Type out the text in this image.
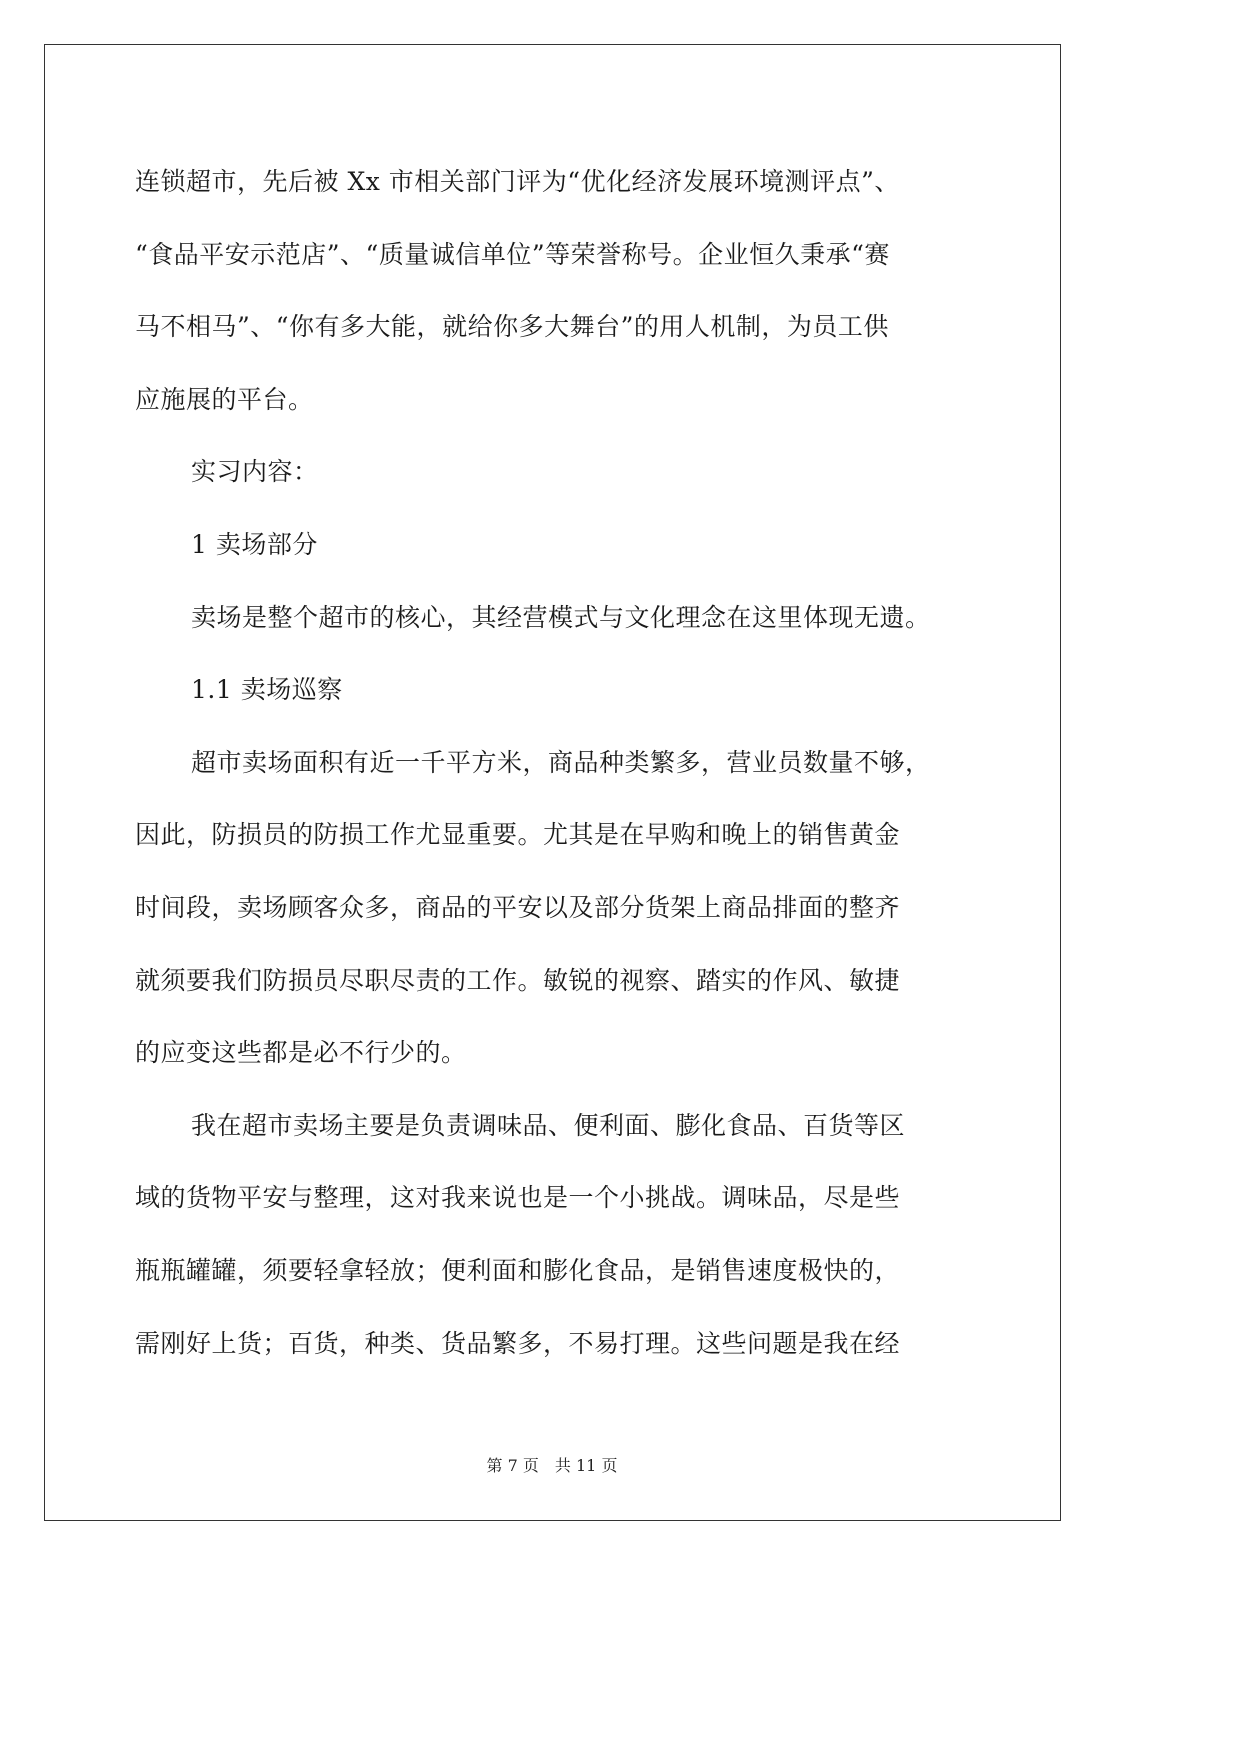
连锁超市，先后被 Xx 市相关部门评为“优化经济发展环境测评点”、
“食品平安示范店”、“质量诚信单位”等荣誉称号。企业恒久秉承“赛
马不相马”、“你有多大能，就给你多大舞台”的用人机制，为员工供
应施展的平台。
实习内容：
1 卖场部分
卖场是整个超市的核心，其经营模式与文化理念在这里体现无遗。
1.1 卖场巡察
超市卖场面积有近一千平方米，商品种类繁多，营业员数量不够，
因此，防损员的防损工作尤显重要。尤其是在早购和晚上的销售黄金
时间段，卖场顾客众多，商品的平安以及部分货架上商品排面的整齐
就须要我们防损员尽职尽责的工作。敏锐的视察、踏实的作风、敏捷
的应变这些都是必不行少的。
我在超市卖场主要是负责调味品、便利面、膨化食品、百货等区
域的货物平安与整理，这对我来说也是一个小挑战。调味品，尽是些
瓶瓶罐罐，须要轻拿轻放；便利面和膨化食品，是销售速度极快的，
需刚好上货；百货，种类、货品繁多，不易打理。这些问题是我在经
第 7 页 共 11 页
